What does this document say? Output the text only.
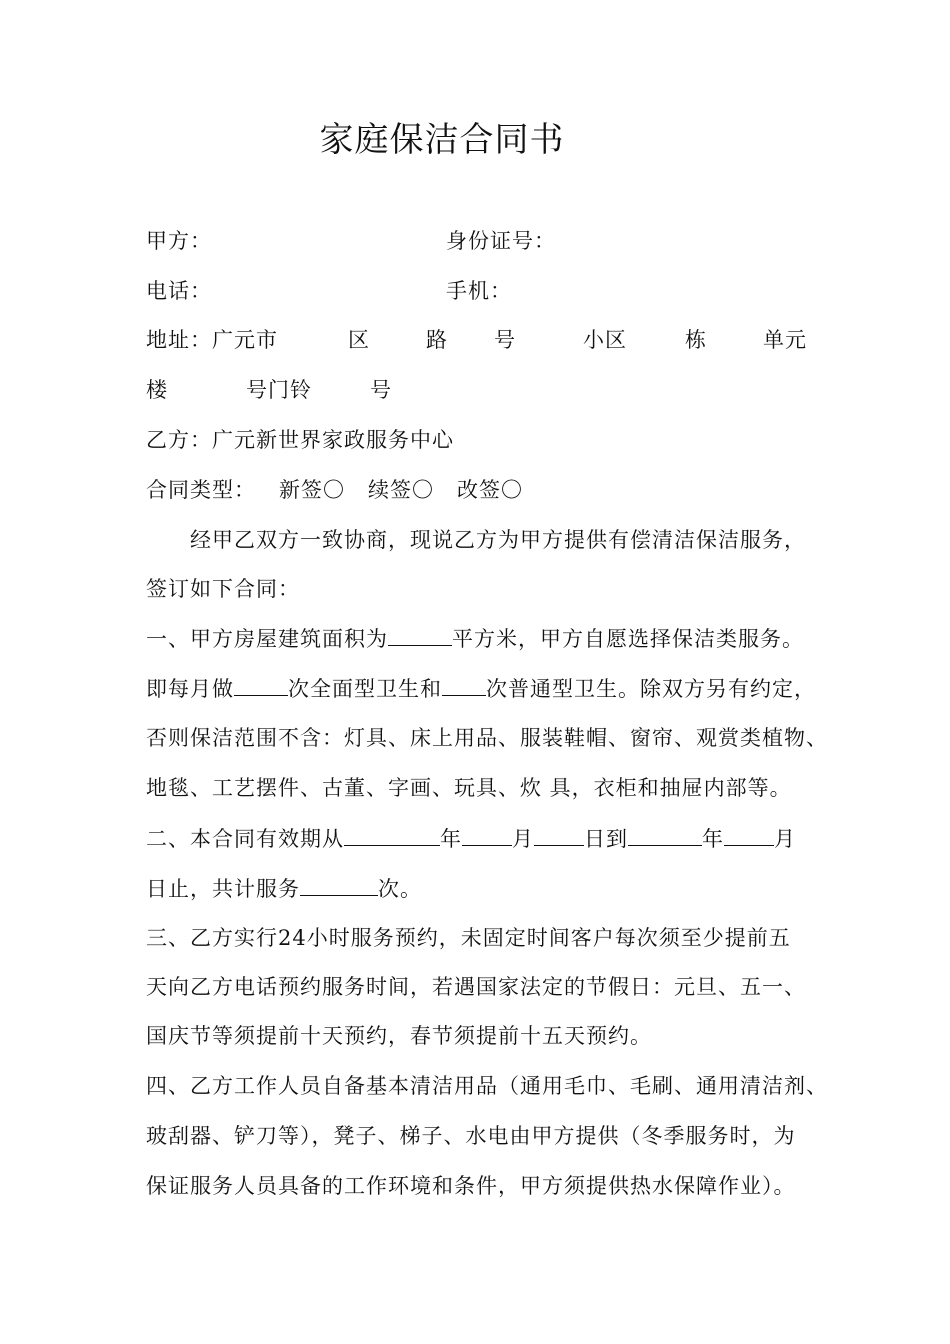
家庭保洁合同书
甲方：	身份证号：
电话：	手机：
地址：广元市	区	路 号	小区	栋	单元
楼	号门铃	号
乙方：广元新世界家政服务中心
合同类型： 新签〇 续签〇 改签〇
经甲乙双方一致协商，现说乙方为甲方提供有偿清洁保洁服务，
签订如下合同：
一、甲方房屋建筑面积为	平方米，甲方自愿选择保洁类服务。
即每月做	次全面型卫生和 次普通型卫生。除双方另有约定，
否则保洁范围不含：灯具、床上用品、服装鞋帽、窗帘、观赏类植物、
地毯、工艺摆件、古董、字画、玩具、炊 具，衣柜和抽屉内部等。
二、本合同有效期从	年 月 日到	年 月
日止，共计服务	次。
三、乙方实行24小时服务预约，未固定时间客户每次须至少提前五
天向乙方电话预约服务时间，若遇国家法定的节假日：元旦、五一、
国庆节等须提前十天预约，春节须提前十五天预约。
四、乙方工作人员自备基本清洁用品（通用毛巾、毛刷、通用清洁剂、
玻刮器、铲刀等），凳子、梯子、水电由甲方提供（冬季服务时，为
保证服务人员具备的工作环境和条件，甲方须提供热水保障作业）。
